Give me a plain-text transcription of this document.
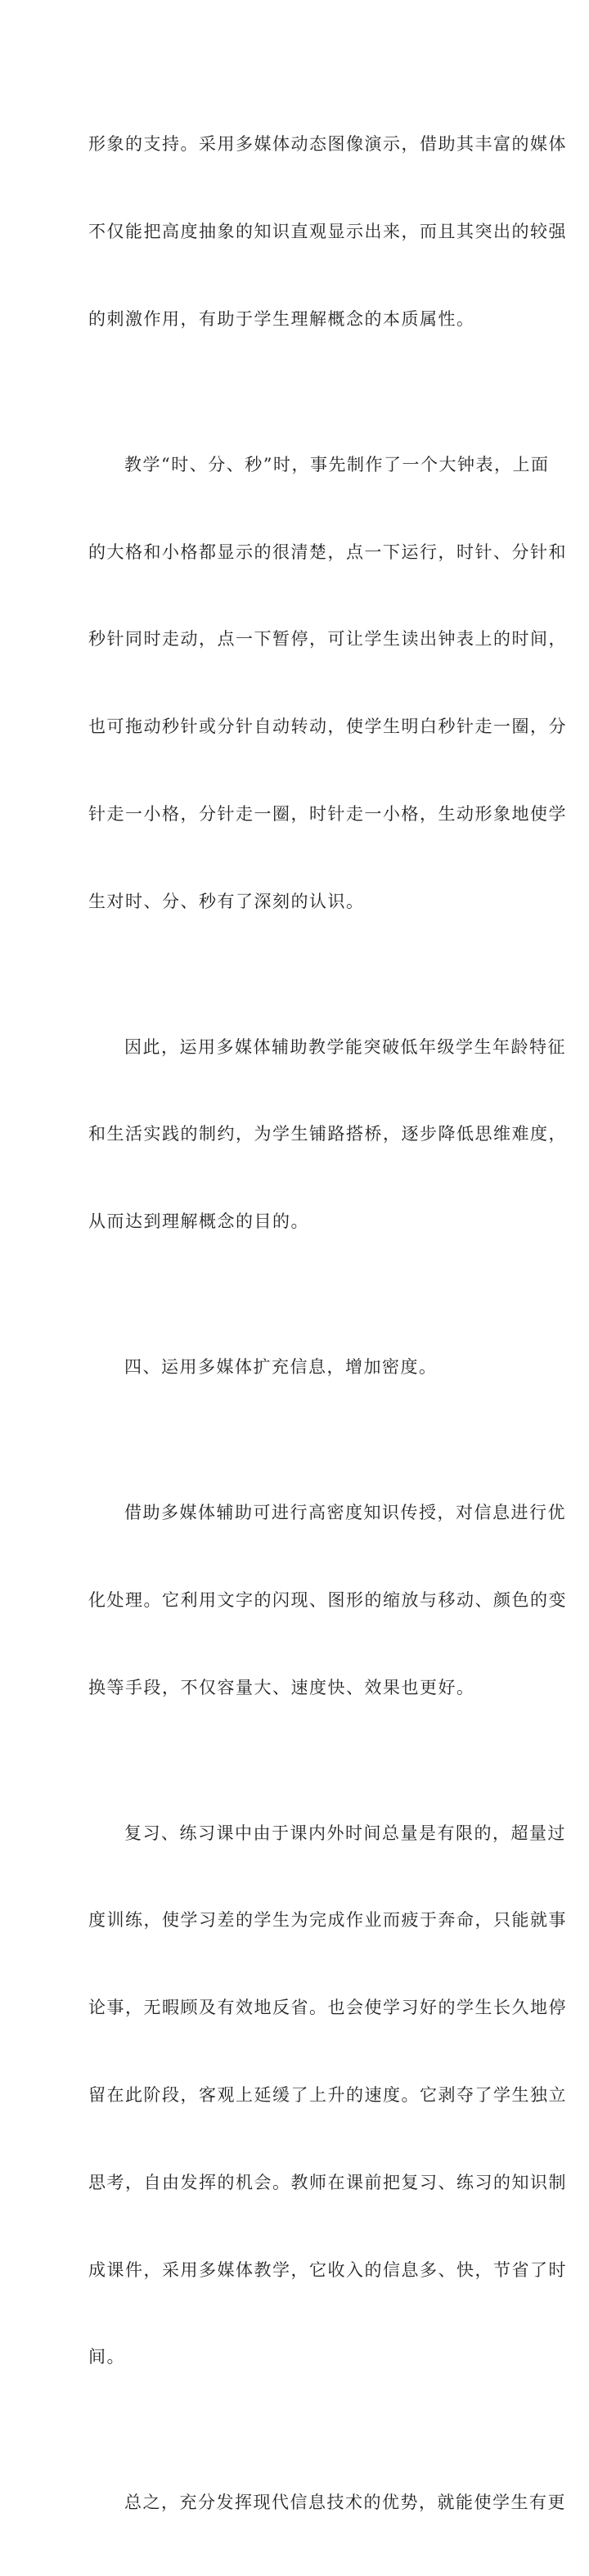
形象的支持。采用多媒体动态图像演示，借助其丰富的媒体

不仅能把高度抽象的知识直观显示出来，而且其突出的较强

的刺激作用，有助于学生理解概念的本质属性。

教学“时、分、秒”时，事先制作了一个大钟表，上面

的大格和小格都显示的很清楚，点一下运行，时针、分针和

秒针同时走动，点一下暂停，可让学生读出钟表上的时间，

也可拖动秒针或分针自动转动，使学生明白秒针走一圈，分

针走一小格，分针走一圈，时针走一小格，生动形象地使学

生对时、分、秒有了深刻的认识。

因此，运用多媒体辅助教学能突破低年级学生年龄特征

和生活实践的制约，为学生铺路搭桥，逐步降低思维难度，

从而达到理解概念的目的。

四、运用多媒体扩充信息，增加密度。

借助多媒体辅助可进行高密度知识传授，对信息进行优

化处理。它利用文字的闪现、图形的缩放与移动、颜色的变

换等手段，不仅容量大、速度快、效果也更好。

复习、练习课中由于课内外时间总量是有限的，超量过

度训练，使学习差的学生为完成作业而疲于奔命，只能就事

论事，无暇顾及有效地反省。也会使学习好的学生长久地停

留在此阶段，客观上延缓了上升的速度。它剥夺了学生独立

思考，自由发挥的机会。教师在课前把复习、练习的知识制

成课件，采用多媒体教学，它收入的信息多、快，节省了时

间。

总之，充分发挥现代信息技术的优势，就能使学生有更
